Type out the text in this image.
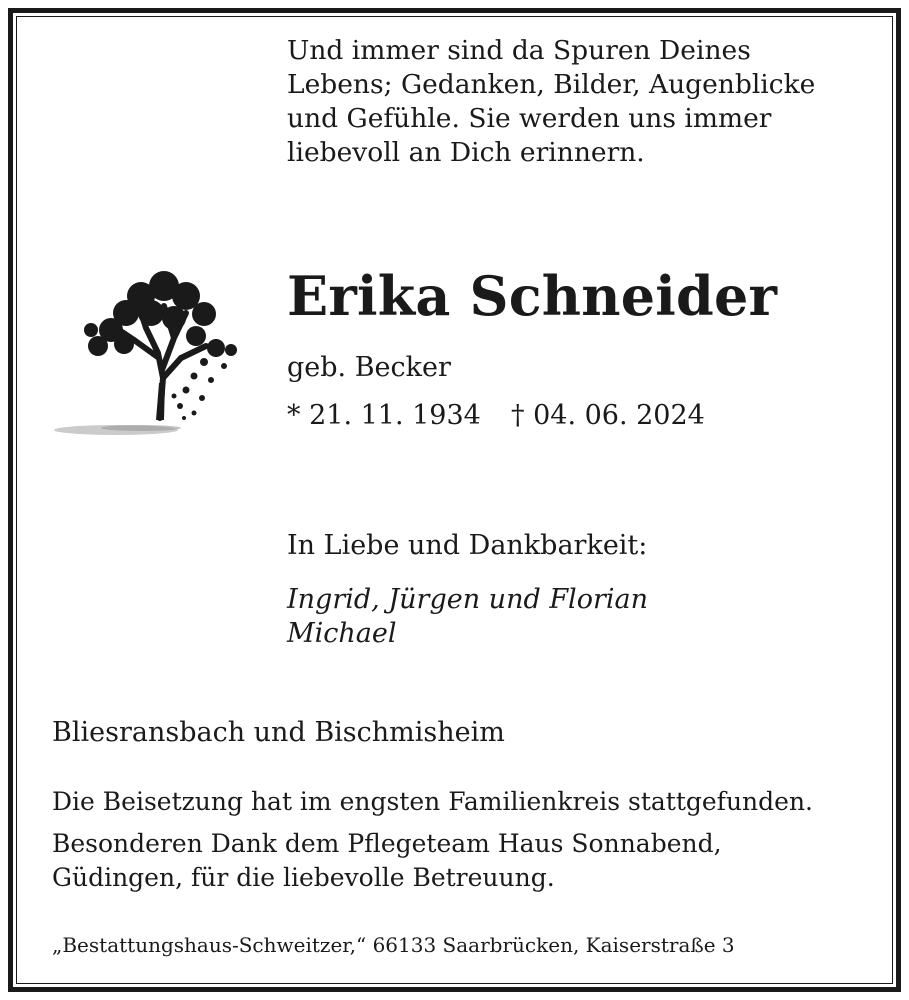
Und immer sind da Spuren Deines
Lebens; Gedanken, Bilder, Augenblicke
und Gefühle. Sie werden uns immer
liebevoll an Dich erinnern.
Erika Schneider
geb. Becker
* 21. 11. 1934 † 04. 06. 2024
In Liebe und Dankbarkeit:
Ingrid, Jürgen und Florian
Michael
Bliesransbach und Bischmisheim
Die Beisetzung hat im engsten Familienkreis stattgefunden.
Besonderen Dank dem Pflegeteam Haus Sonnabend,
Güdingen, für die liebevolle Betreuung.
„Bestattungshaus-Schweitzer,“ 66133 Saarbrücken, Kaiserstraße 3
